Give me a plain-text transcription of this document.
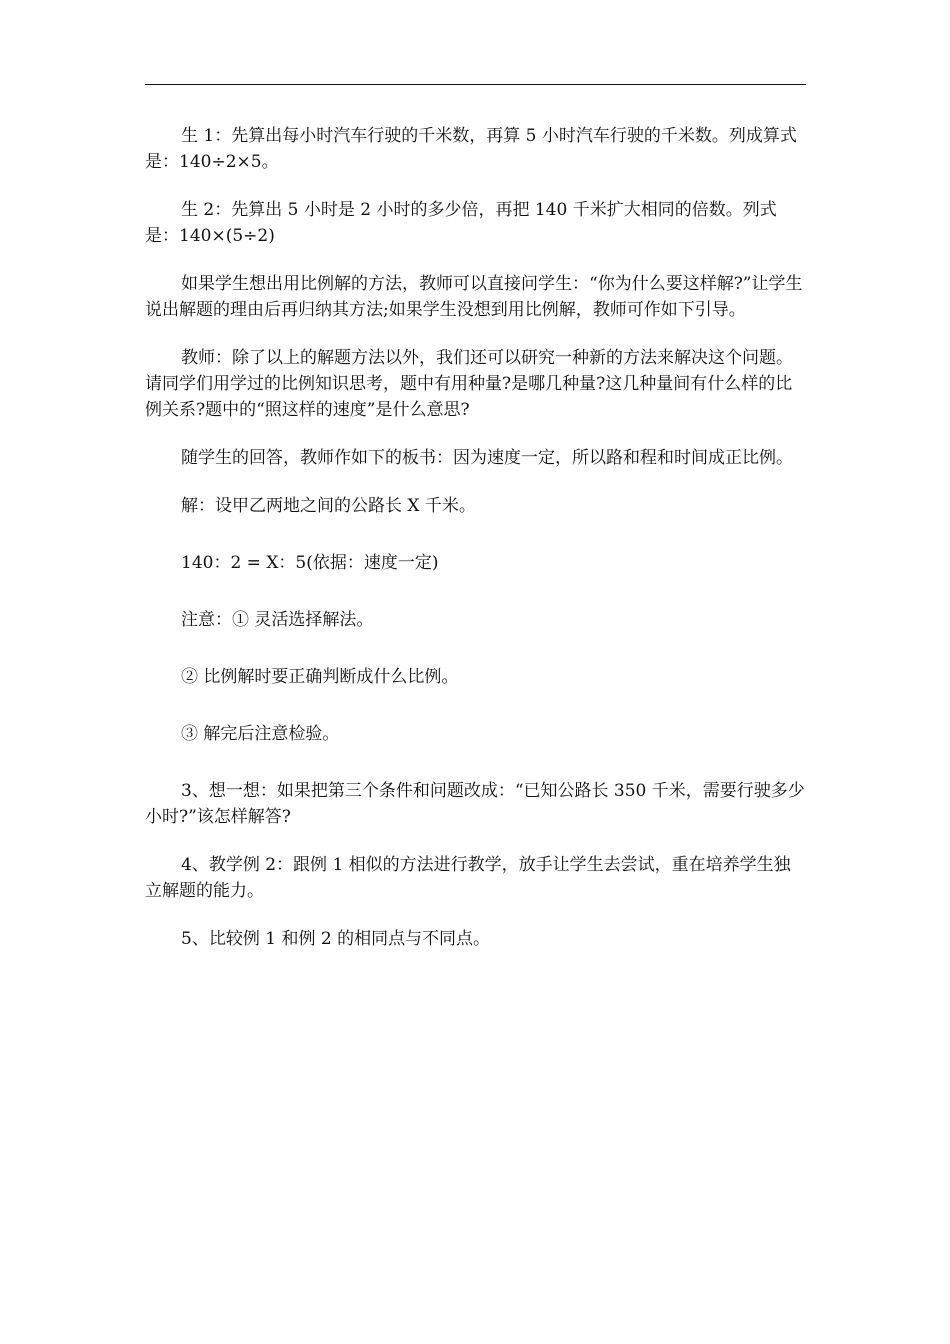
生 1：先算出每小时汽车行驶的千米数，再算 5 小时汽车行驶的千米数。列成算式是：140÷2×5。

生 2：先算出 5 小时是 2 小时的多少倍，再把 140 千米扩大相同的倍数。列式是：140×(5÷2)

如果学生想出用比例解的方法，教师可以直接问学生：“你为什么要这样解?”让学生说出解题的理由后再归纳其方法;如果学生没想到用比例解，教师可作如下引导。

教师：除了以上的解题方法以外，我们还可以研究一种新的方法来解决这个问题。请同学们用学过的比例知识思考，题中有用种量?是哪几种量?这几种量间有什么样的比例关系?题中的“照这样的速度”是什么意思?

随学生的回答，教师作如下的板书：因为速度一定，所以路和程和时间成正比例。

解：设甲乙两地之间的公路长 X 千米。

140：2 = X：5(依据：速度一定)

注意：① 灵活选择解法。

② 比例解时要正确判断成什么比例。

③ 解完后注意检验。

3、想一想：如果把第三个条件和问题改成：“已知公路长 350 千米，需要行驶多少小时?”该怎样解答?

4、教学例 2：跟例 1 相似的方法进行教学，放手让学生去尝试，重在培养学生独立解题的能力。

5、比较例 1 和例 2 的相同点与不同点。
